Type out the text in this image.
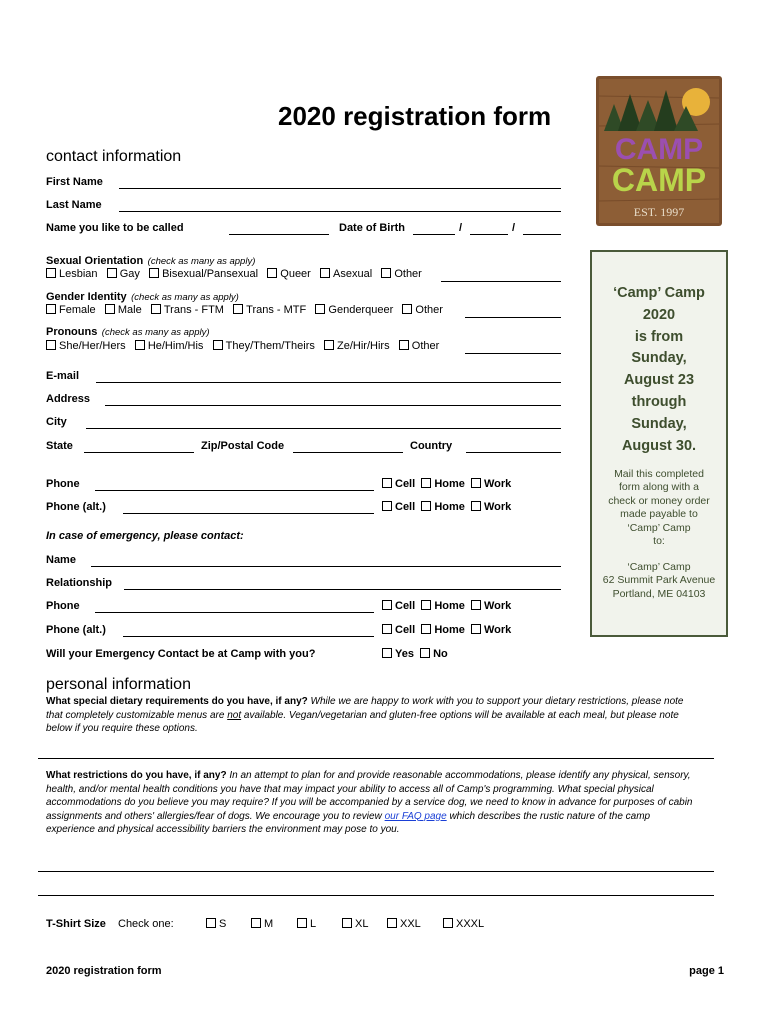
2020 registration form
CAMP
CAMP
EST. 1997
contact information
First Name
Last Name
Name you like to be called	Date of Birth	/	/
Sexual Orientation (check as many as apply)
Lesbian Gay Bisexual/Pansexual Queer Asexual Other
Gender Identity (check as many as apply)
Female Male Trans - FTM Trans - MTF Genderqueer Other
Pronouns (check as many as apply)
She/Her/Hers He/Him/His They/Them/Theirs Ze/Hir/Hirs Other
E-mail
Address
City
State	Zip/Postal Code	Country
Phone	Cell Home Work
Phone (alt.)	Cell Home Work
In case of emergency, please contact:
Name
Relationship
Phone	Cell Home Work
Phone (alt.)	Cell Home Work
Will your Emergency Contact be at Camp with you?	Yes No
‘Camp’ Camp
2020
is from
Sunday,
August 23
through
Sunday,
August 30.
Mail this completed
form along with a
check or money order
made payable to
‘Camp’ Camp
to:
‘Camp’ Camp
62 Summit Park Avenue
Portland, ME 04103
personal information
What special dietary requirements do you have, if any? While we are happy to work with you to support your dietary restrictions, please note that completely customizable menus are not available. Vegan/vegetarian and gluten-free options will be available at each meal, but please note below if you require these options.
What restrictions do you have, if any? In an attempt to plan for and provide reasonable accommodations, please identify any physical, sensory, health, and/or mental health conditions you have that may impact your ability to access all of Camp's programming. What special physical accommodations do you believe you may require? If you will be accompanied by a service dog, we need to know in advance for purposes of cabin assignments and others' allergies/fear of dogs. We encourage you to review our FAQ page which describes the rustic nature of the camp experience and physical accessibility barriers the environment may pose to you.
T-Shirt Size Check one:	S	M	L	XL	XXL	XXXL
2020 registration form	page 1
